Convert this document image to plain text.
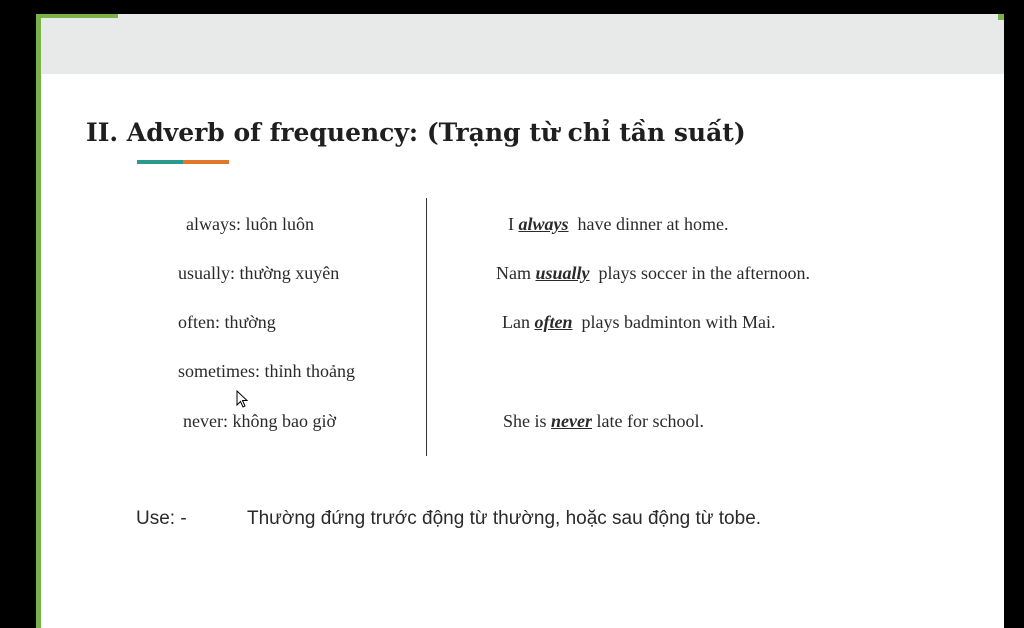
II. Adverb of frequency: (Trạng từ chỉ tần suất)
always: luôn luôn
usually: thường xuyên
often: thường
sometimes: thỉnh thoảng
never: không bao giờ
I always  have dinner at home.
Nam usually  plays soccer in the afternoon.
Lan often  plays badminton with Mai.
She is never late for school.
Use: -	Thường đứng trước động từ thường, hoặc sau động từ tobe.
